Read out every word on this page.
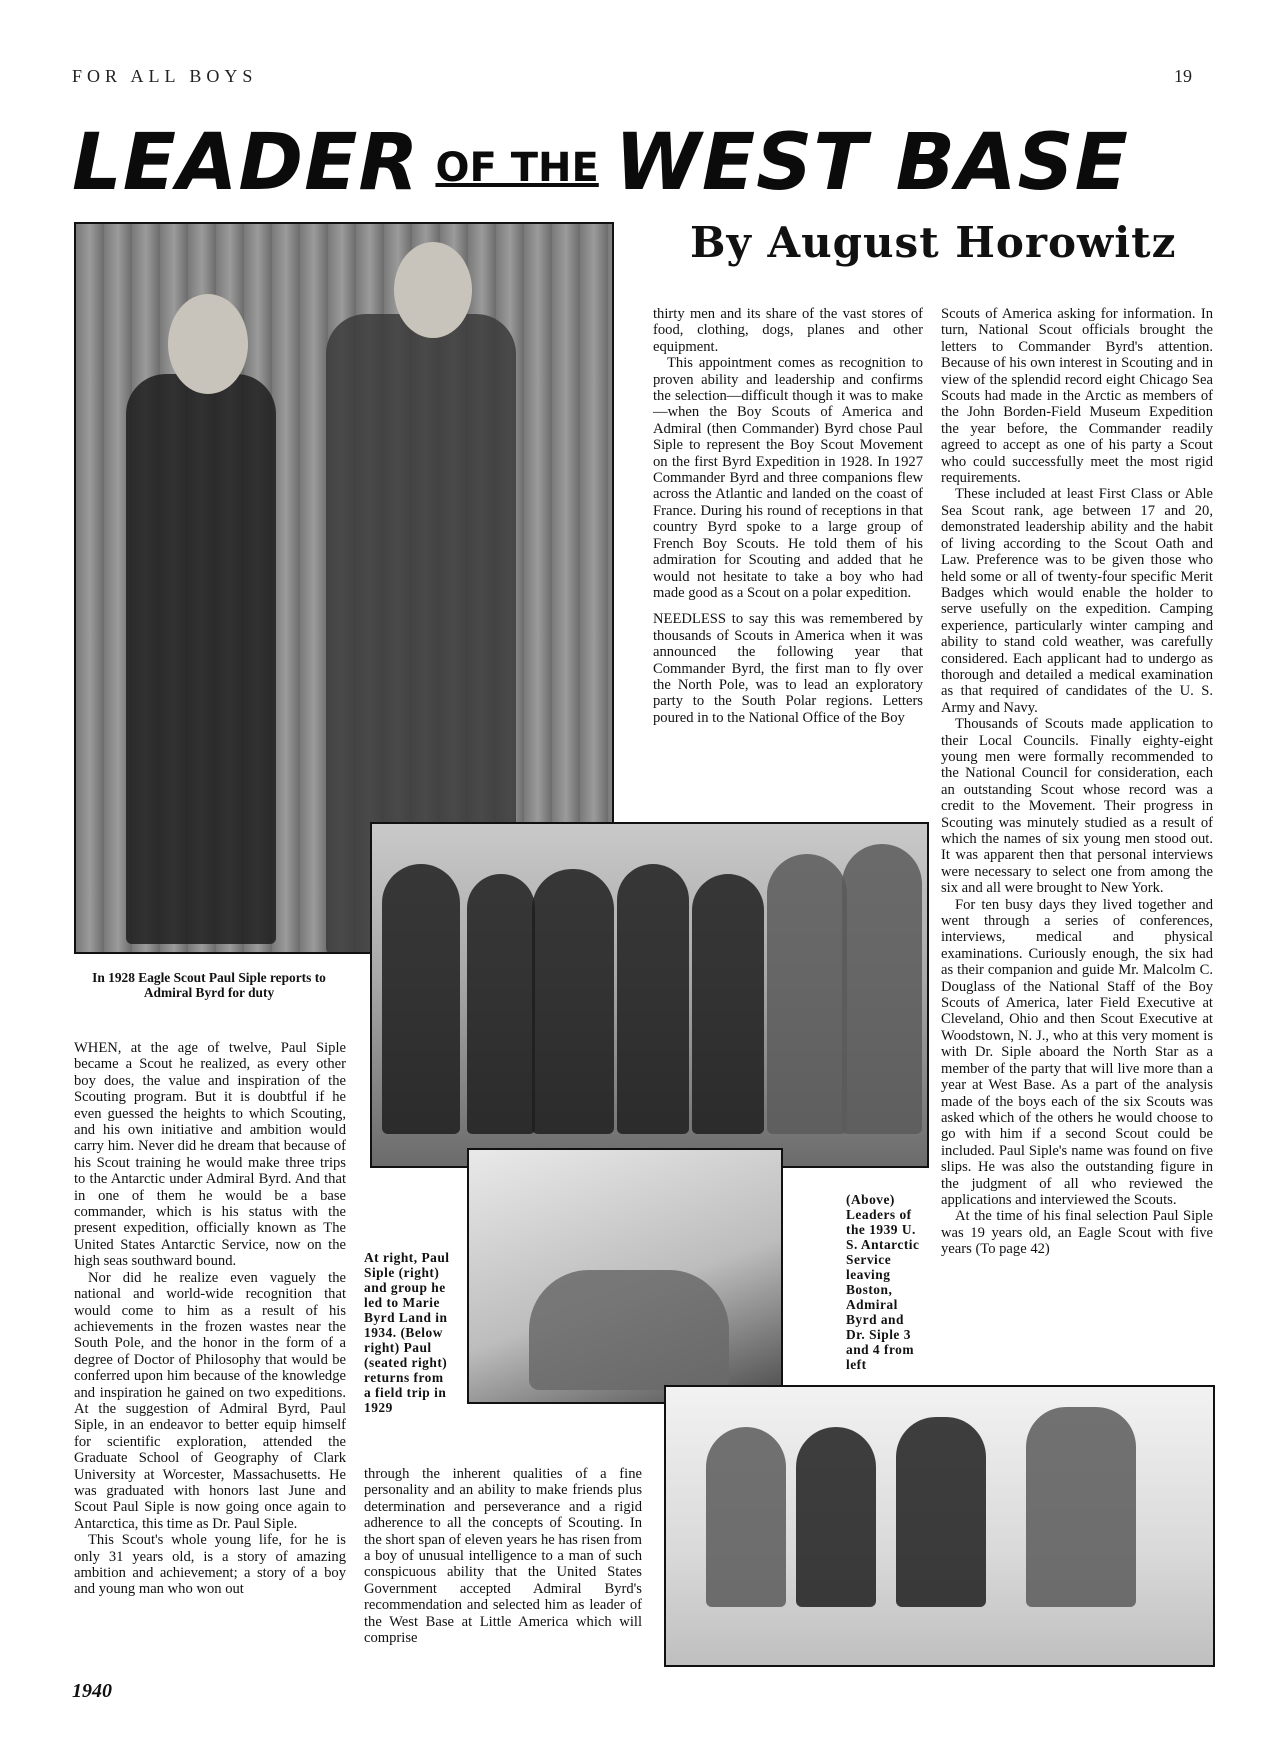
FOR ALL BOYS	19
LEADER OF THE WEST BASE
By August Horowitz
In 1928 Eagle Scout Paul Siple reports to Admiral Byrd for duty
(Above) Leaders of the 1939 U. S. Antarctic Service leaving Boston, Admiral Byrd and Dr. Siple 3 and 4 from left
At right, Paul Siple (right) and group he led to Marie Byrd Land in 1934. (Below right) Paul (seated right) returns from a field trip in 1929

WHEN, at the age of twelve, Paul Siple became a Scout he realized, as every other boy does, the value and inspiration of the Scouting program. But it is doubtful if he even guessed the heights to which Scouting, and his own initiative and ambition would carry him. Never did he dream that because of his Scout training he would make three trips to the Antarctic under Admiral Byrd. And that in one of them he would be a base commander, which is his status with the present expedition, officially known as The United States Antarctic Service, now on the high seas southward bound.

Nor did he realize even vaguely the national and world-wide recognition that would come to him as a result of his achievements in the frozen wastes near the South Pole, and the honor in the form of a degree of Doctor of Philosophy that would be conferred upon him because of the knowledge and inspiration he gained on two expeditions. At the suggestion of Admiral Byrd, Paul Siple, in an endeavor to better equip himself for scientific exploration, attended the Graduate School of Geography of Clark University at Worcester, Massachusetts. He was graduated with honors last June and Scout Paul Siple is now going once again to Antarctica, this time as Dr. Paul Siple.

This Scout's whole young life, for he is only 31 years old, is a story of amazing ambition and achievement; a story of a boy and young man who won out

through the inherent qualities of a fine personality and an ability to make friends plus determination and perseverance and a rigid adherence to all the concepts of Scouting. In the short span of eleven years he has risen from a boy of unusual intelligence to a man of such conspicuous ability that the United States Government accepted Admiral Byrd's recommendation and selected him as leader of the West Base at Little America which will comprise

thirty men and its share of the vast stores of food, clothing, dogs, planes and other equipment.

This appointment comes as recognition to proven ability and leadership and confirms the selection—difficult though it was to make—when the Boy Scouts of America and Admiral (then Commander) Byrd chose Paul Siple to represent the Boy Scout Movement on the first Byrd Expedition in 1928. In 1927 Commander Byrd and three companions flew across the Atlantic and landed on the coast of France. During his round of receptions in that country Byrd spoke to a large group of French Boy Scouts. He told them of his admiration for Scouting and added that he would not hesitate to take a boy who had made good as a Scout on a polar expedition.

NEEDLESS to say this was remembered by thousands of Scouts in America when it was announced the following year that Commander Byrd, the first man to fly over the North Pole, was to lead an exploratory party to the South Polar regions. Letters poured in to the National Office of the Boy

Scouts of America asking for information. In turn, National Scout officials brought the letters to Commander Byrd's attention. Because of his own interest in Scouting and in view of the splendid record eight Chicago Sea Scouts had made in the Arctic as members of the John Borden-Field Museum Expedition the year before, the Commander readily agreed to accept as one of his party a Scout who could successfully meet the most rigid requirements.

These included at least First Class or Able Sea Scout rank, age between 17 and 20, demonstrated leadership ability and the habit of living according to the Scout Oath and Law. Preference was to be given those who held some or all of twenty-four specific Merit Badges which would enable the holder to serve usefully on the expedition. Camping experience, particularly winter camping and ability to stand cold weather, was carefully considered. Each applicant had to undergo as thorough and detailed a medical examination as that required of candidates of the U. S. Army and Navy.

Thousands of Scouts made application to their Local Councils. Finally eighty-eight young men were formally recommended to the National Council for consideration, each an outstanding Scout whose record was a credit to the Movement. Their progress in Scouting was minutely studied as a result of which the names of six young men stood out. It was apparent then that personal interviews were necessary to select one from among the six and all were brought to New York.

For ten busy days they lived together and went through a series of conferences, interviews, medical and physical examinations. Curiously enough, the six had as their companion and guide Mr. Malcolm C. Douglass of the National Staff of the Boy Scouts of America, later Field Executive at Cleveland, Ohio and then Scout Executive at Woodstown, N. J., who at this very moment is with Dr. Siple aboard the North Star as a member of the party that will live more than a year at West Base. As a part of the analysis made of the boys each of the six Scouts was asked which of the others he would choose to go with him if a second Scout could be included. Paul Siple's name was found on five slips. He was also the outstanding figure in the judgment of all who reviewed the applications and interviewed the Scouts.

At the time of his final selection Paul Siple was 19 years old, an Eagle Scout with five years (To page 42)

1940
